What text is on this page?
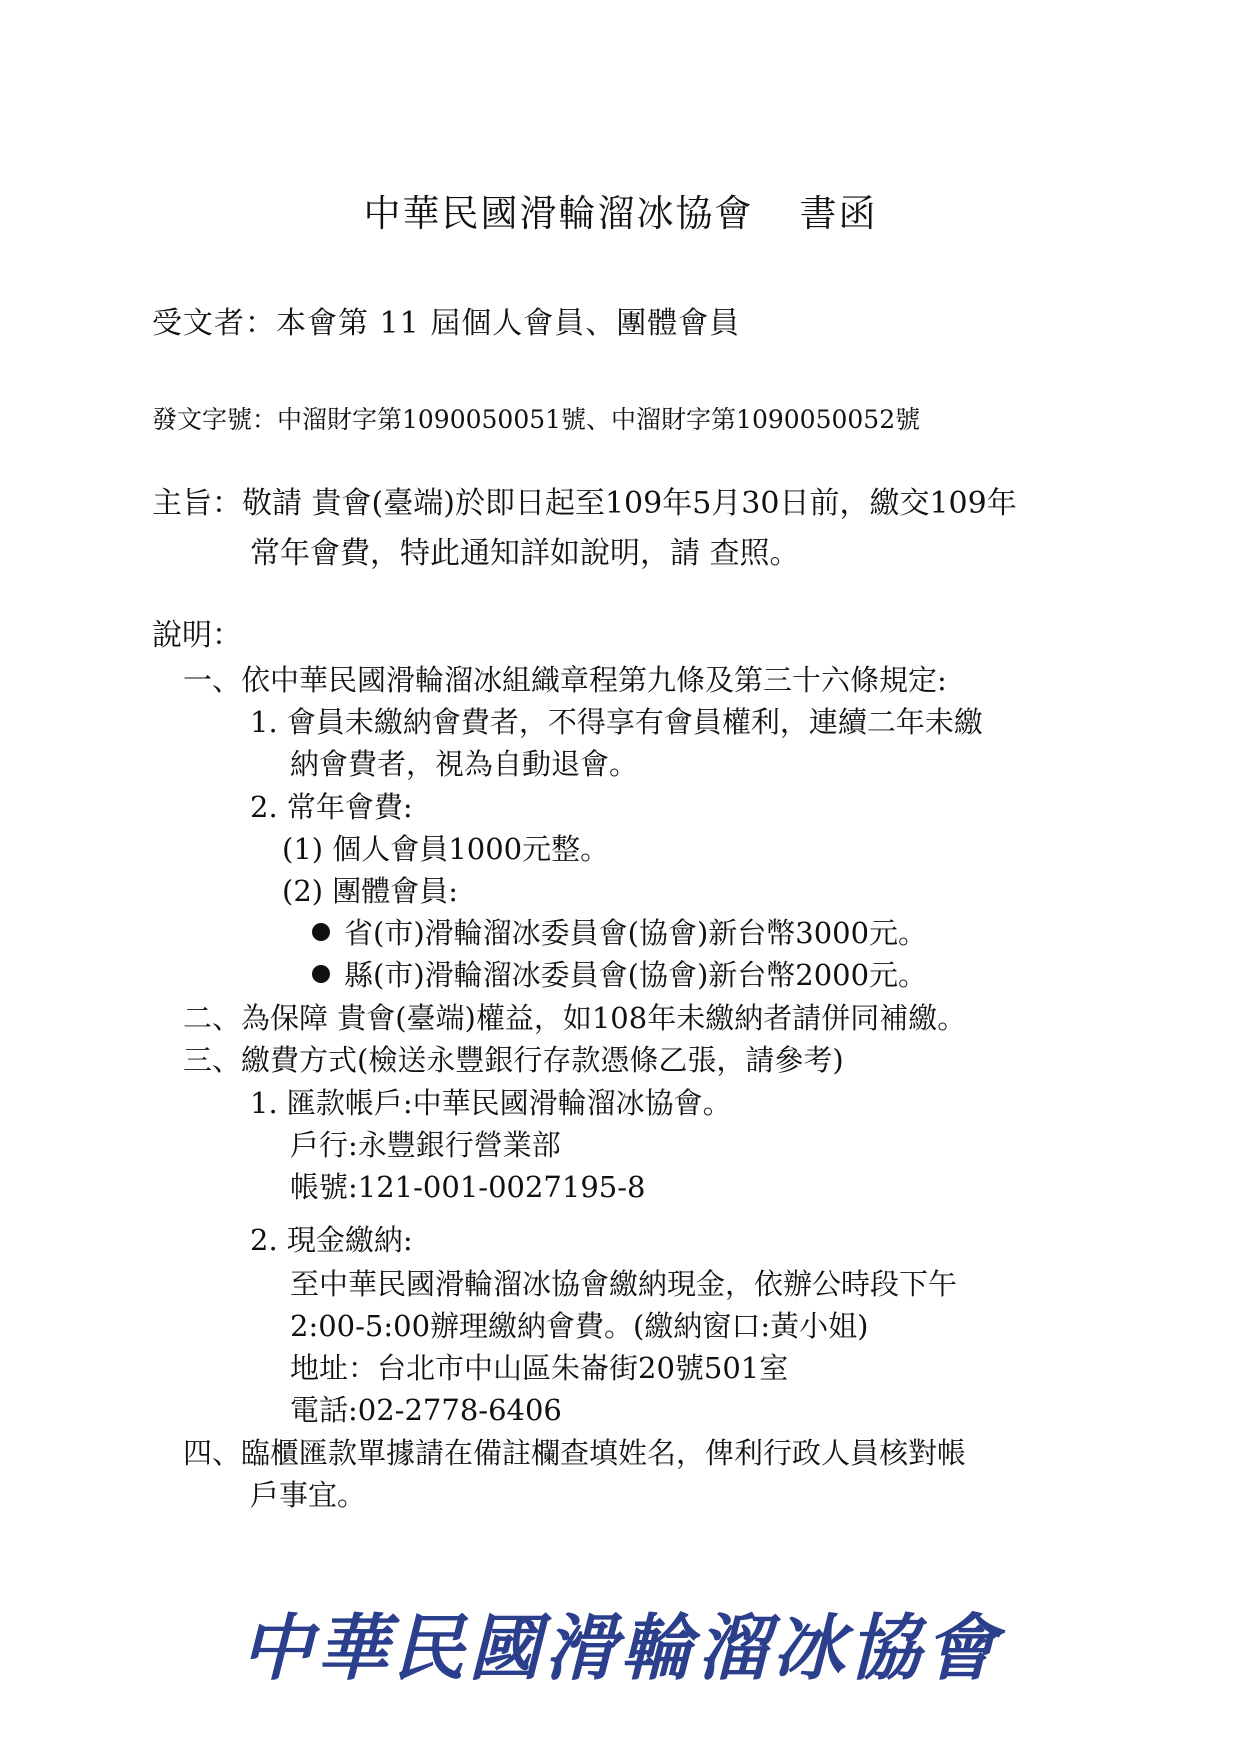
中華民國滑輪溜冰協會 書函
受文者：本會第 11 屆個人會員、團體會員
發文字號：中溜財字第1090050051號、中溜財字第1090050052號
主旨：敬請 貴會(臺端)於即日起至109年5月30日前，繳交109年
常年會費，特此通知詳如說明，請 查照。
說明：
一、依中華民國滑輪溜冰組織章程第九條及第三十六條規定:
1. 會員未繳納會費者，不得享有會員權利，連續二年未繳
納會費者，視為自動退會。
2. 常年會費:
(1) 個人會員1000元整。
(2) 團體會員:
省(市)滑輪溜冰委員會(協會)新台幣3000元。
縣(市)滑輪溜冰委員會(協會)新台幣2000元。
二、為保障 貴會(臺端)權益，如108年未繳納者請併同補繳。
三、繳費方式(檢送永豐銀行存款憑條乙張，請參考)
1. 匯款帳戶:中華民國滑輪溜冰協會。
戶行:永豐銀行營業部
帳號:121-001-0027195-8
2. 現金繳納:
至中華民國滑輪溜冰協會繳納現金，依辦公時段下午
2:00-5:00辦理繳納會費。(繳納窗口:黃小姐)
地址：台北市中山區朱崙街20號501室
電話:02-2778-6406
四、臨櫃匯款單據請在備註欄查填姓名，俾利行政人員核對帳
戶事宜。
中華民國滑輪溜冰協會
